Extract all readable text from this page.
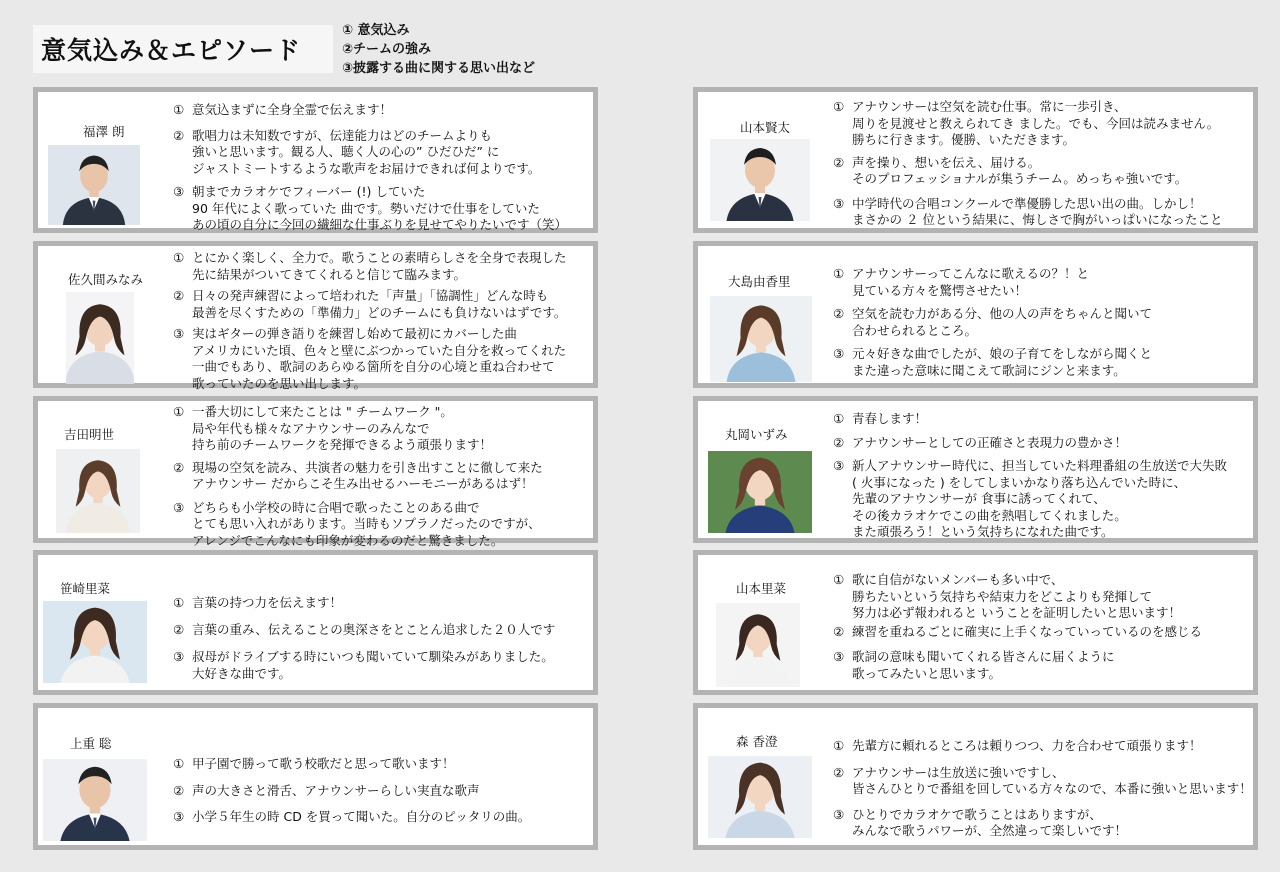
意気込み＆エピソード
① 意気込み
②チームの強み
③披露する曲に関する思い出など
福澤 朗
① 意気込まずに全身全霊で伝えます！
② 歌唱力は未知数ですが、伝達能力はどのチームよりも
強いと思います。観る人、聴く人の心の” ひだひだ” に
ジャストミートするような歌声をお届けできれば何よりです。
③ 朝までカラオケでフィーバー (!) していた
90 年代によく歌っていた 曲です。勢いだけで仕事をしていた
あの頃の自分に今回の繊細な仕事ぶりを見せてやりたいです（笑）
佐久間みなみ
① とにかく楽しく、全力で。歌うことの素晴らしさを全身で表現した
先に結果がついてきてくれると信じて臨みます。
② 日々の発声練習によって培われた「声量」「協調性」どんな時も
最善を尽くすための「準備力」どのチームにも負けないはずです。
③ 実はギターの弾き語りを練習し始めて最初にカバーした曲
アメリカにいた頃、色々と壁にぶつかっていた自分を救ってくれた
一曲でもあり、歌詞のあらゆる箇所を自分の心境と重ね合わせて
歌っていたのを思い出します。
吉田明世
① 一番大切にして来たことは " チームワーク "。
局や年代も様々なアナウンサーのみんなで
持ち前のチームワークを発揮できるよう頑張ります！
② 現場の空気を読み、共演者の魅力を引き出すことに徹して来た
アナウンサー だからこそ生み出せるハーモニーがあるはず！
③ どちらも小学校の時に合唱で歌ったことのある曲で
とても思い入れがあります。当時もソプラノだったのですが、
アレンジでこんなにも印象が変わるのだと驚きました。
笹崎里菜
① 言葉の持つ力を伝えます！
② 言葉の重み、伝えることの奥深さをとことん追求した２０人です
③ 叔母がドライブする時にいつも聞いていて馴染みがありました。
大好きな曲です。
上重 聡
① 甲子園で勝って歌う校歌だと思って歌います！
② 声の大きさと滑舌、アナウンサーらしい実直な歌声
③ 小学５年生の時 CD を買って聞いた。自分のピッタリの曲。
山本賢太
① アナウンサーは空気を読む仕事。常に一歩引き、
周りを見渡せと教えられてき ました。でも、今回は読みません。
勝ちに行きます。優勝、いただきます。
② 声を操り、想いを伝え、届ける。
そのプロフェッショナルが集うチーム。めっちゃ強いです。
③ 中学時代の合唱コンクールで準優勝した思い出の曲。しかし！
まさかの ２ 位という結果に、悔しさで胸がいっぱいになったこと
大島由香里
① アナウンサーってこんなに歌えるの？！と
見ている方々を驚愕させたい！
② 空気を読む力がある分、他の人の声をちゃんと聞いて
合わせられるところ。
③ 元々好きな曲でしたが、娘の子育てをしながら聞くと
また違った意味に聞こえて歌詞にジンと来ます。
丸岡いずみ
① 青春します！
② アナウンサーとしての正確さと表現力の豊かさ！
③ 新人アナウンサー時代に、担当していた料理番組の生放送で大失敗
( 火事になった ) をしてしまいかなり落ち込んでいた時に、
先輩のアナウンサーが 食事に誘ってくれて、
その後カラオケでこの曲を熱唱してくれました。
また頑張ろう！という気持ちになれた曲です。
山本里菜
① 歌に自信がないメンバーも多い中で、
勝ちたいという気持ちや結束力をどこよりも発揮して
努力は必ず報われると いうことを証明したいと思います！
② 練習を重ねるごとに確実に上手くなっていっているのを感じる
③ 歌詞の意味も聞いてくれる皆さんに届くように
歌ってみたいと思います。
森 香澄	① 先輩方に頼れるところは頼りつつ、力を合わせて頑張ります！
② アナウンサーは生放送に強いですし、
皆さんひとりで番組を回している方々なので、本番に強いと思います！
③ ひとりでカラオケで歌うことはありますが、
みんなで歌うパワーが、全然違って楽しいです！
